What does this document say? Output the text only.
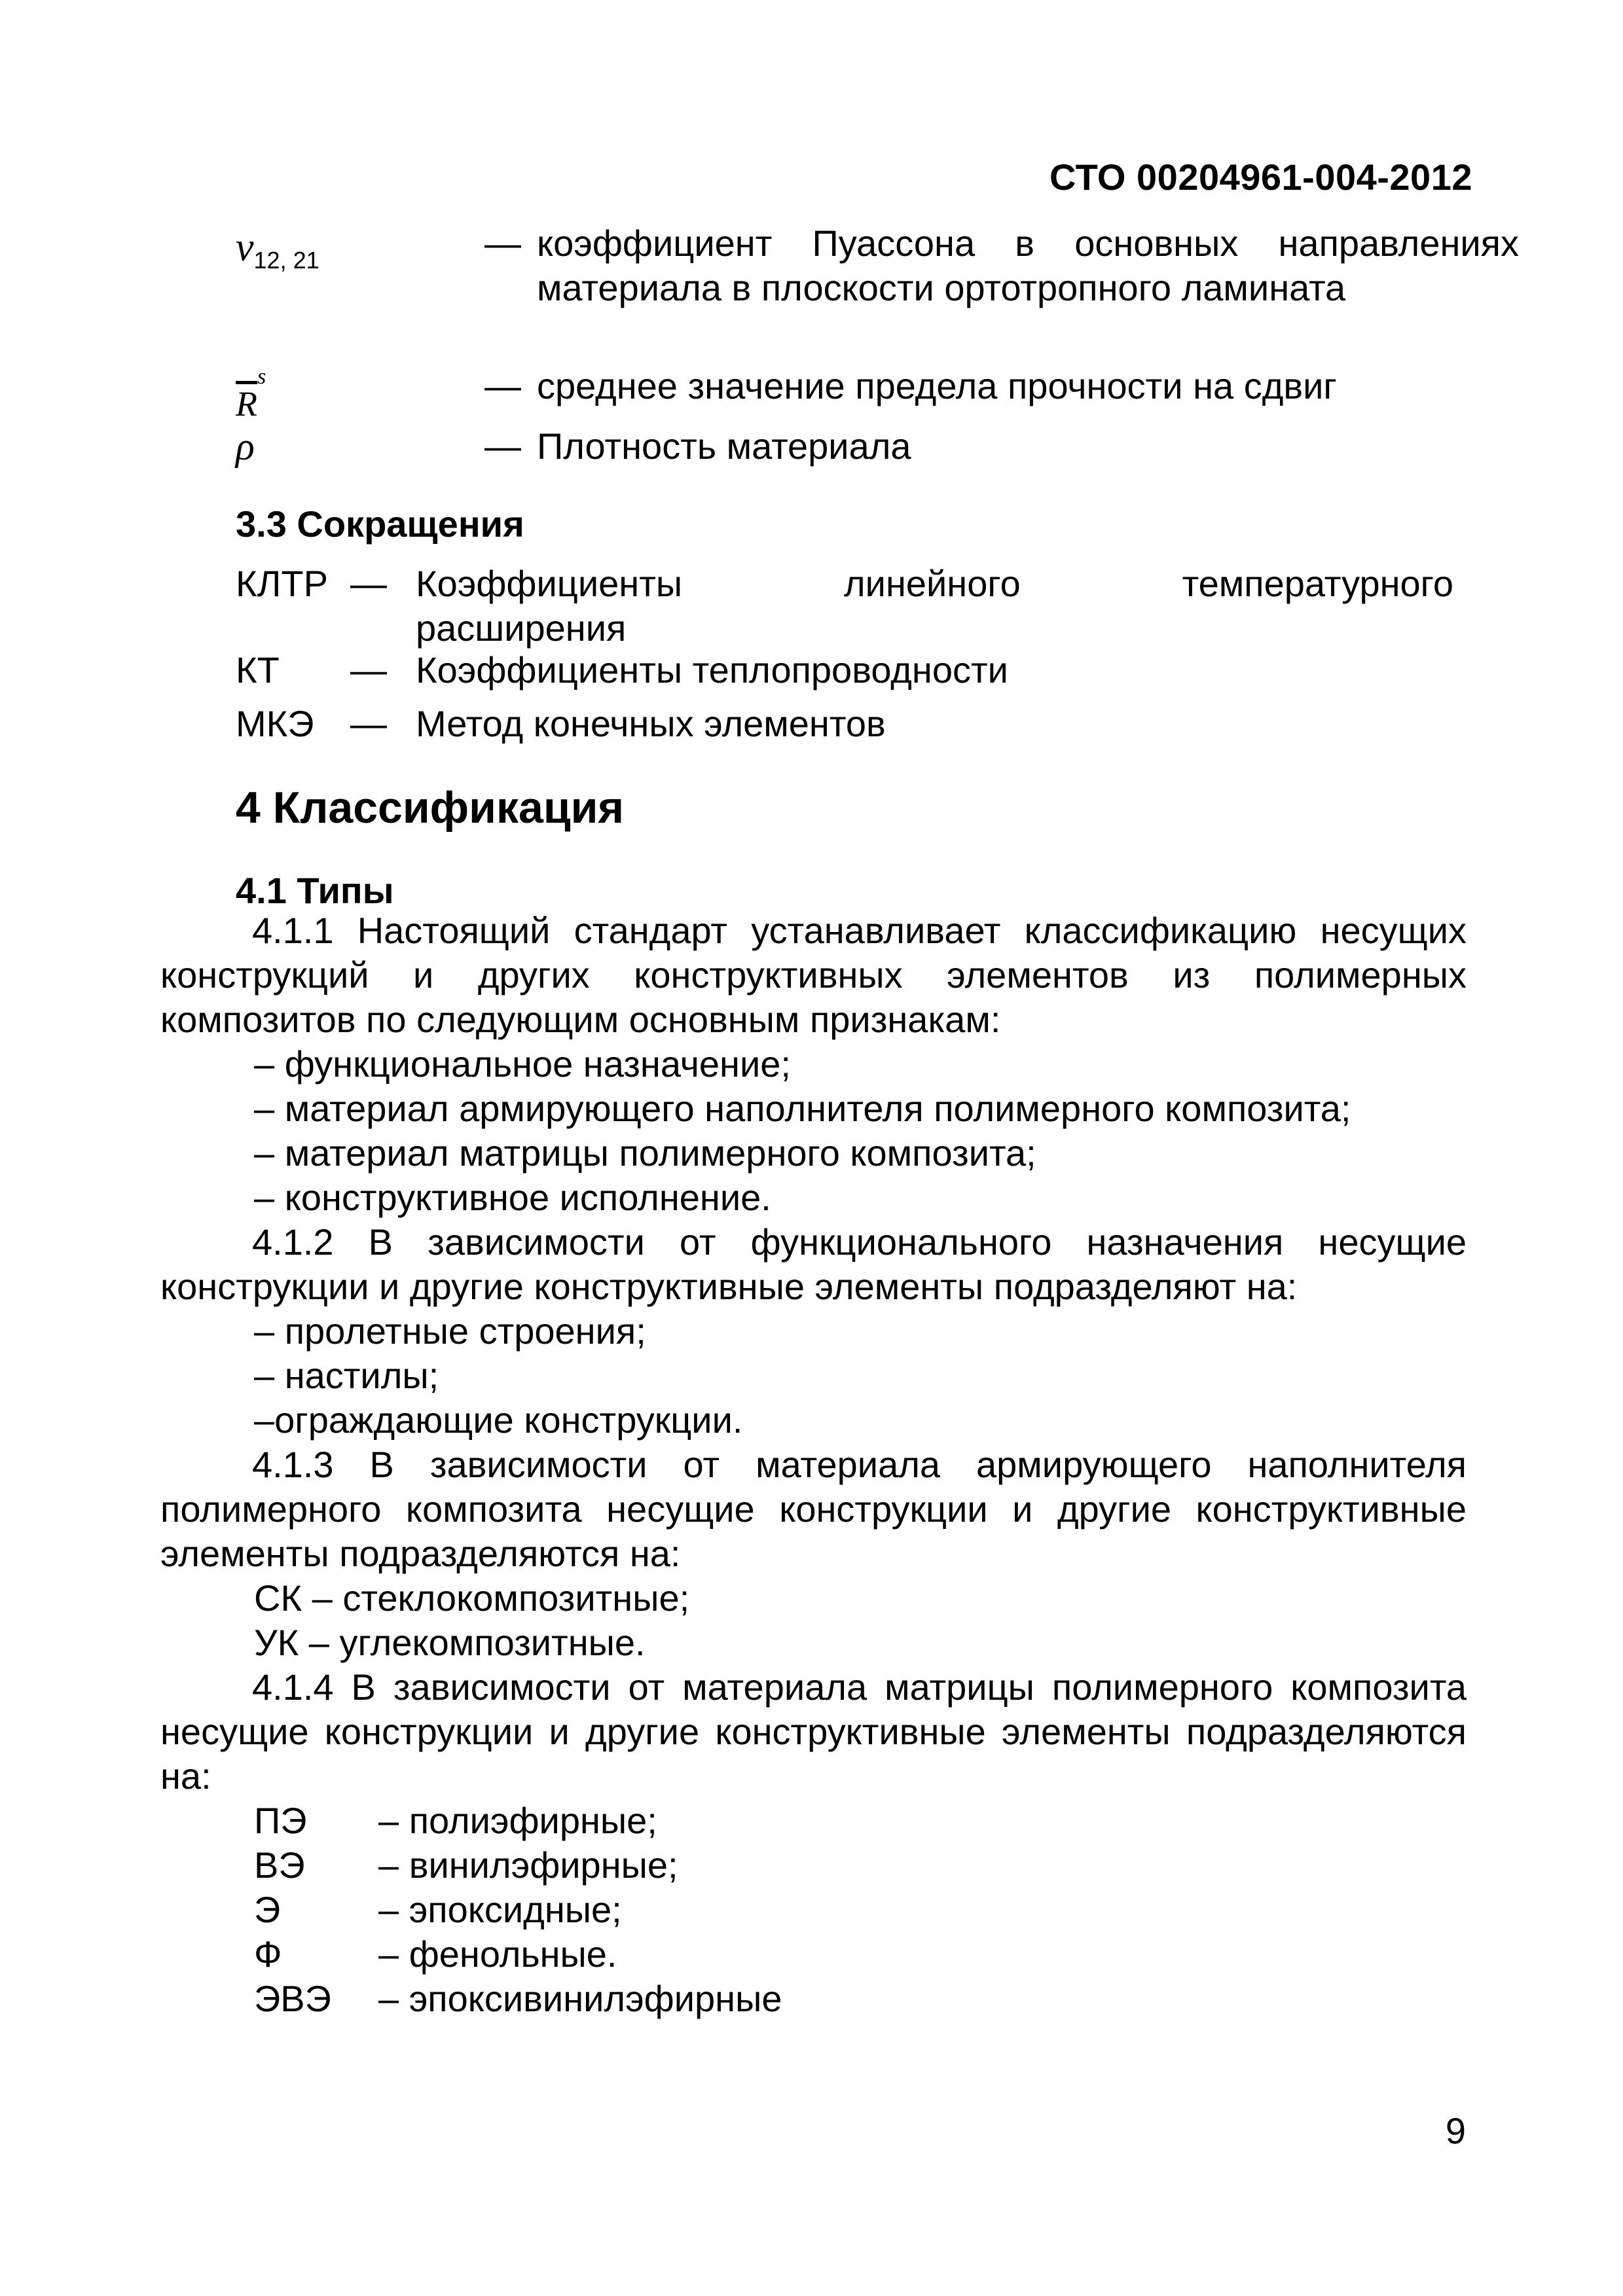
СТО 00204961-004-2012
$\nu_{12, 21}$	— коэффициент Пуассона в основных направлениях материала в плоскости ортотропного ламината
$\overline{R}^s$	— среднее значение предела прочности на сдвиг
ρ	— Плотность материала
3.3 Сокращения
КЛТР — Коэффициенты линейного температурного
расширения
КТ — Коэффициенты теплопроводности
МКЭ — Метод конечных элементов
4 Классификация
4.1 Типы
4.1.1 Настоящий стандарт устанавливает классификацию несущих конструкций и других конструктивных элементов из полимерных композитов по следующим основным признакам:
– функциональное назначение;
– материал армирующего наполнителя полимерного композита;
– материал матрицы полимерного композита;
– конструктивное исполнение.
4.1.2 В зависимости от функционального назначения несущие конструкции и другие конструктивные элементы подразделяют на:
– пролетные строения;
– настилы;
–ограждающие конструкции.
4.1.3 В зависимости от материала армирующего наполнителя полимерного композита несущие конструкции и другие конструктивные элементы подразделяются на:
СК – стеклокомпозитные;
УК – углекомпозитные.
4.1.4 В зависимости от материала матрицы полимерного композита несущие конструкции и другие конструктивные элементы подразделяются на:
ПЭ – полиэфирные;
ВЭ – винилэфирные;
Э	– эпоксидные;
Ф	– фенольные.
ЭВЭ – эпоксивинилэфирные
9
